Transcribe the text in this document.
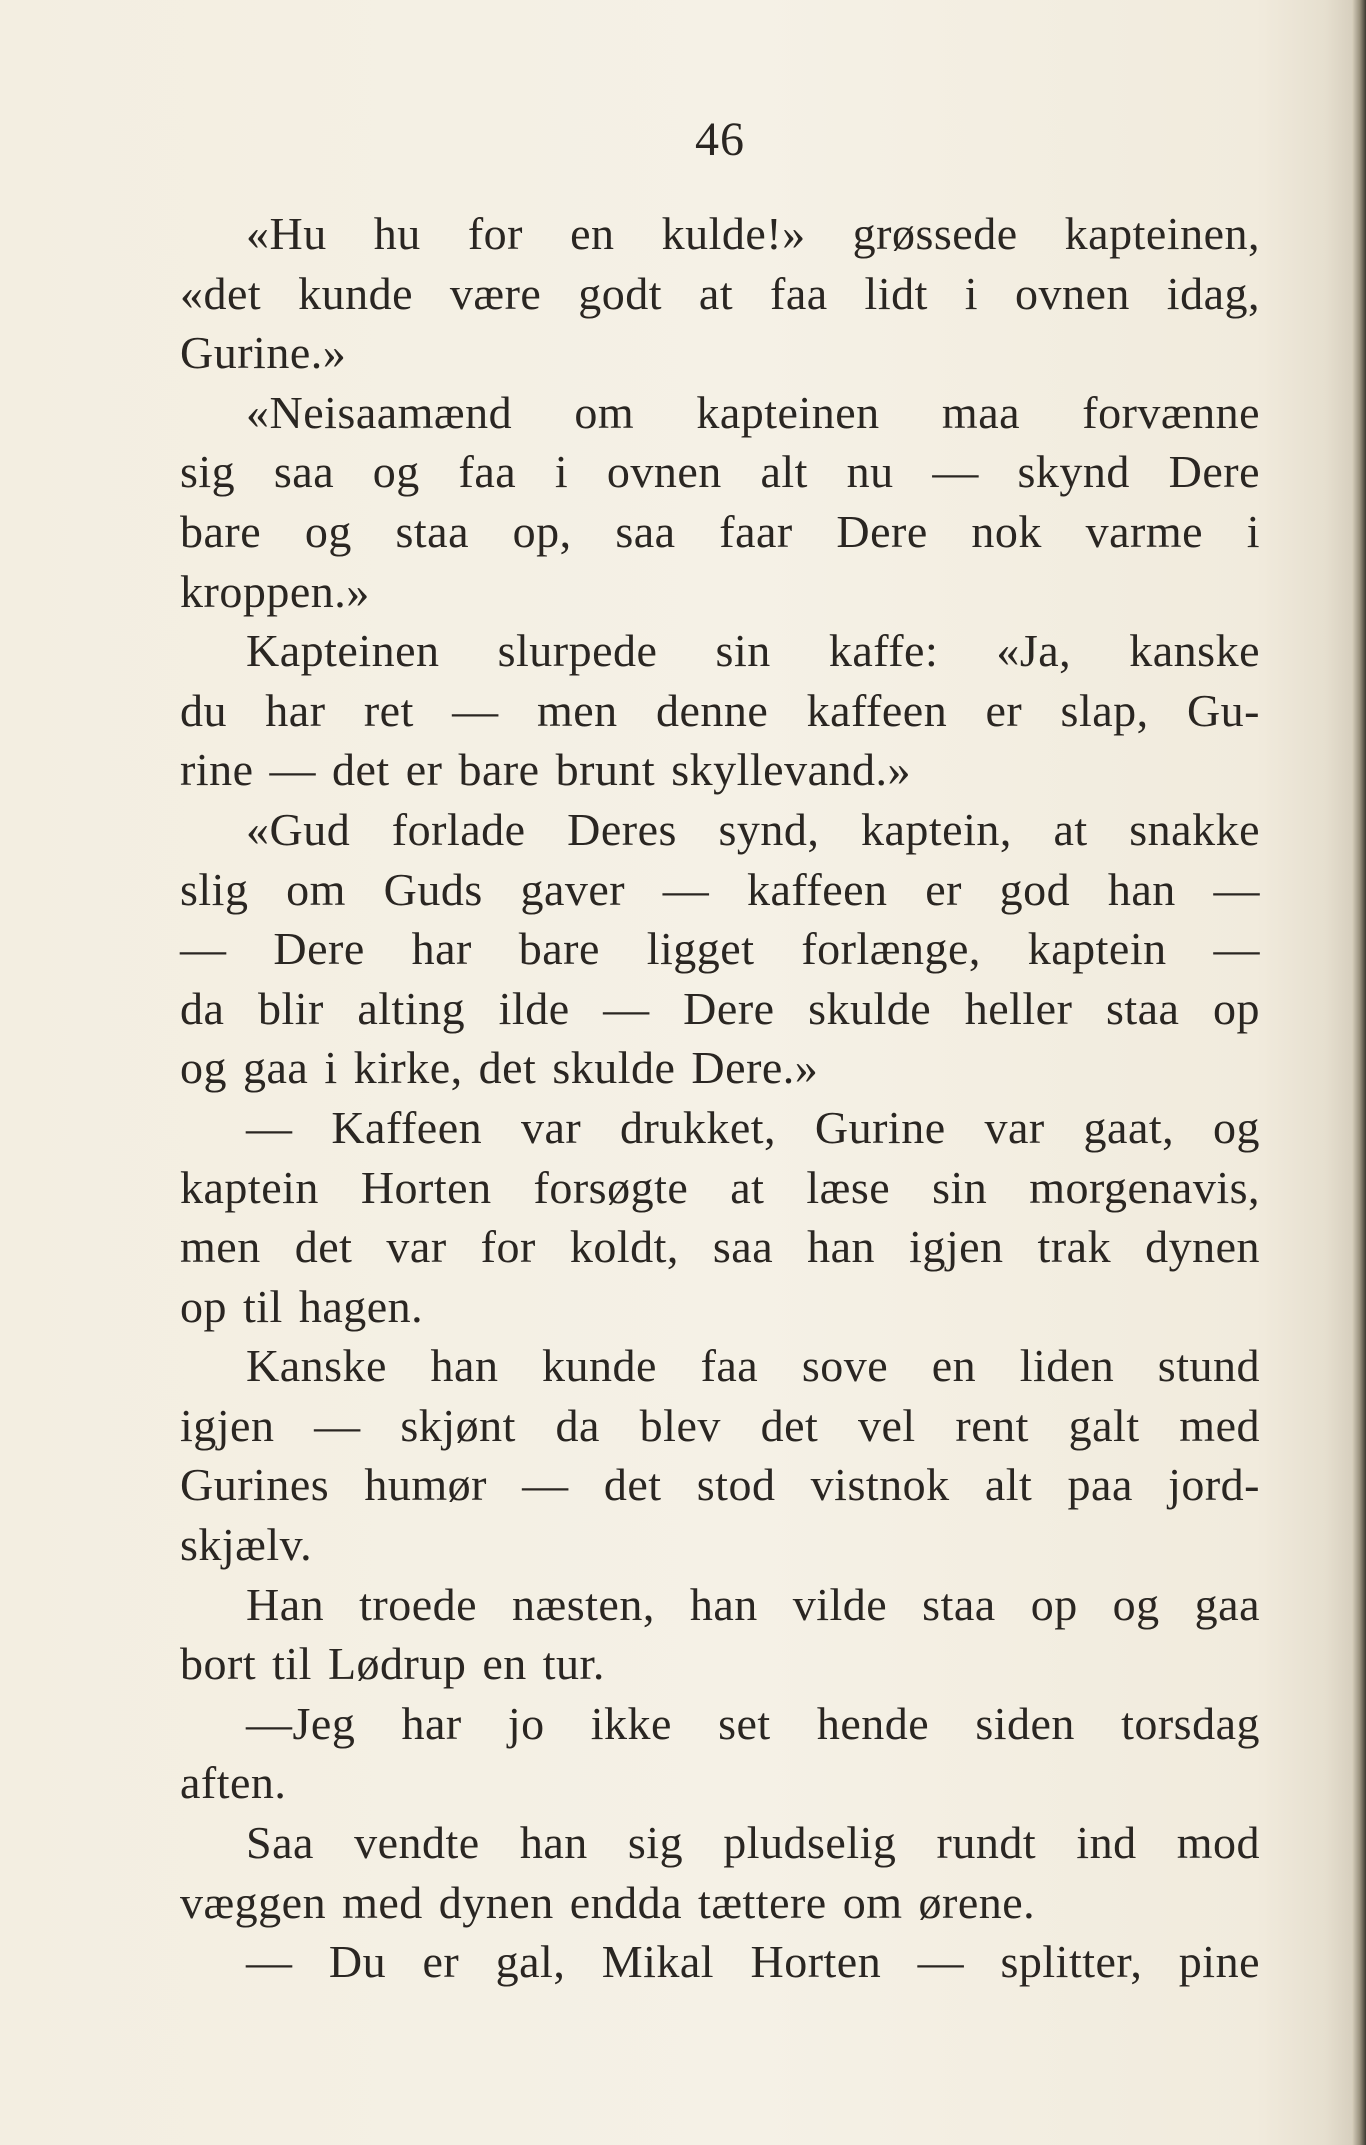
46
«Hu hu for en kulde!» grøssede kapteinen,
«det kunde være godt at faa lidt i ovnen idag,
Gurine.»
«Neisaamænd om kapteinen maa forvænne
sig saa og faa i ovnen alt nu — skynd Dere
bare og staa op, saa faar Dere nok varme i
kroppen.»
Kapteinen slurpede sin kaffe: «Ja, kanske
du har ret — men denne kaffeen er slap, Gu-
rine — det er bare brunt skyllevand.»
«Gud forlade Deres synd, kaptein, at snakke
slig om Guds gaver — kaffeen er god han —
— Dere har bare ligget forlænge, kaptein —
da blir alting ilde — Dere skulde heller staa op
og gaa i kirke, det skulde Dere.»
— Kaffeen var drukket, Gurine var gaat, og
kaptein Horten forsøgte at læse sin morgenavis,
men det var for koldt, saa han igjen trak dynen
op til hagen.
Kanske han kunde faa sove en liden stund
igjen — skjønt da blev det vel rent galt med
Gurines humør — det stod vistnok alt paa jord-
skjælv.
Han troede næsten, han vilde staa op og gaa
bort til Lødrup en tur.
—Jeg har jo ikke set hende siden torsdag
aften.
Saa vendte han sig pludselig rundt ind mod
væggen med dynen endda tættere om ørene.
— Du er gal, Mikal Horten — splitter, pine
